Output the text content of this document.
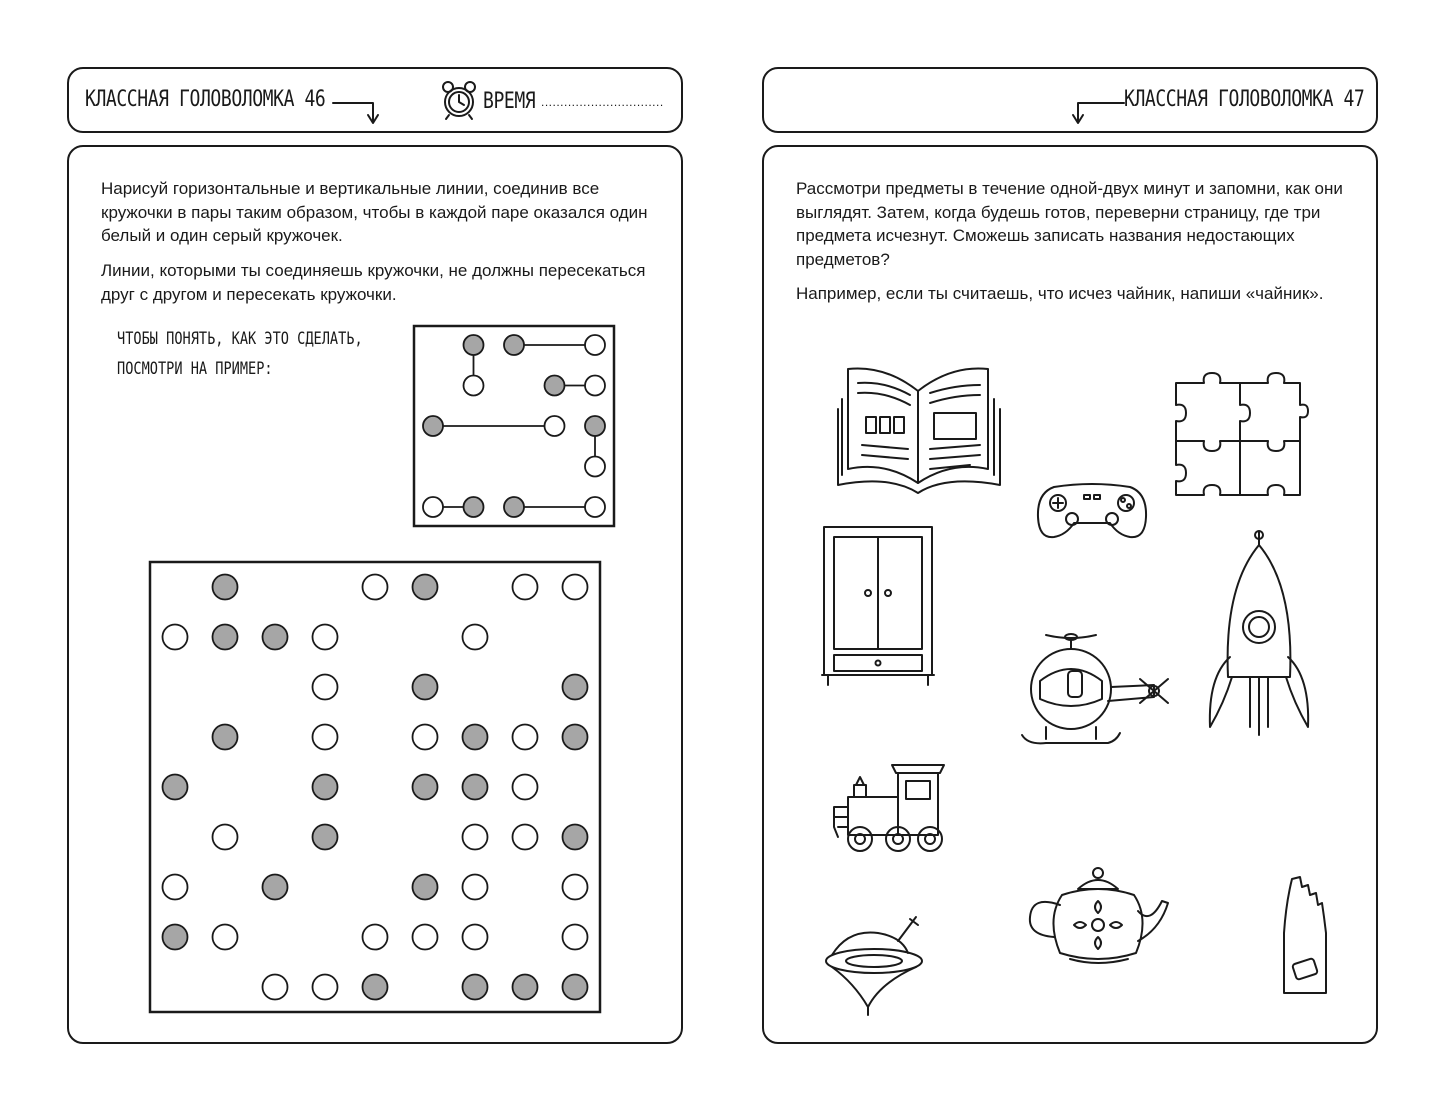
КЛАССНАЯ ГОЛОВОЛОМКА 46	ВРЕМЯ ................................

Нарисуй горизонтальные и вертикальные линии, соединив все кружочки в пары таким образом, чтобы в каждой паре оказался один белый и один серый кружочек.

Линии, которыми ты соединяешь кружочки, не должны пересекаться друг с другом и пересекать кружочки.

ЧТОБЫ ПОНЯТЬ, КАК ЭТО СДЕЛАТЬ,
ПОСМОТРИ НА ПРИМЕР:
КЛАССНАЯ ГОЛОВОЛОМКА 47

Рассмотри предметы в течение одной-двух минут и запомни, как они выглядят. Затем, когда будешь готов, переверни страницу, где три предмета исчезнут. Сможешь записать названия недостающих предметов?

Например, если ты считаешь, что исчез чайник, напиши «чайник».
